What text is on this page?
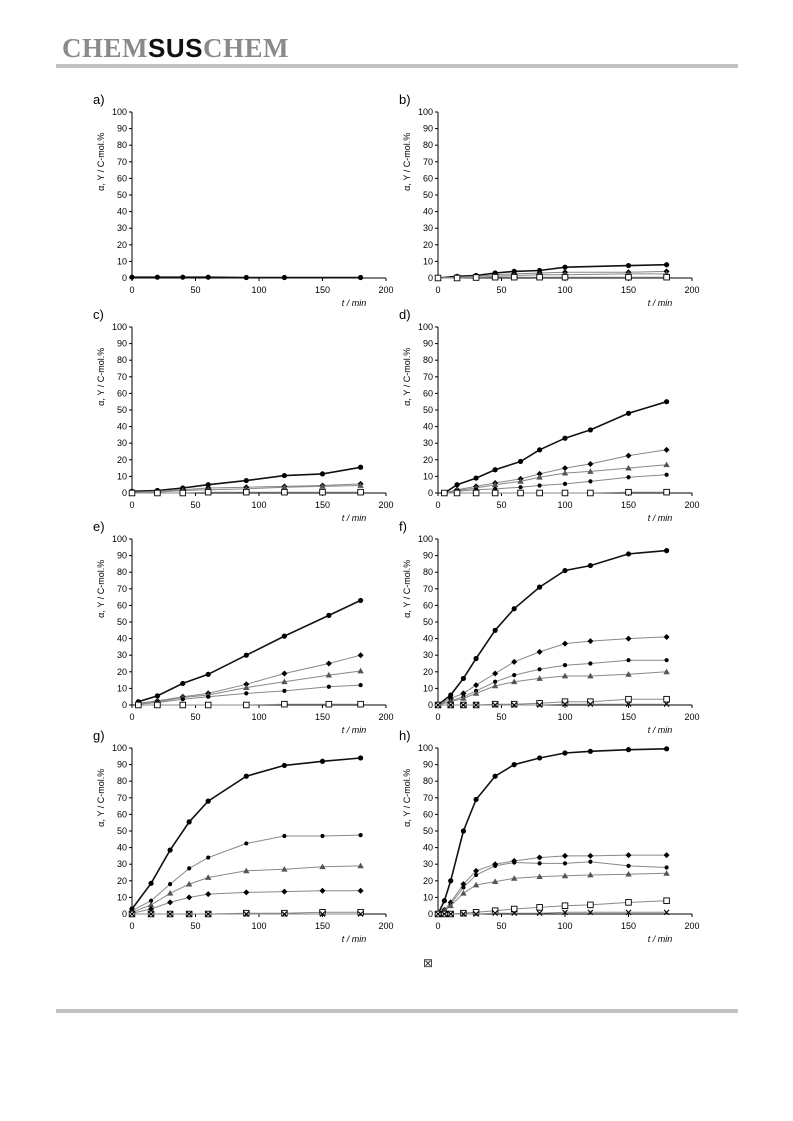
CHEMSUSCHEM
a)
0
10
20
30
40
50
60
70
80
90
100
0	50	100	150	200
α, Y / C-mol.%
t / min
b)
0
10
20
30
40
50
60
70
80
90
100
0	50	100	150	200
α, Y / C-mol.%
t / min
c)
0
10
20
30
40
50
60
70
80
90
100
0	50	100	150	200
α, Y / C-mol.%
t / min
d)
0
10
20
30
40
50
60
70
80
90
100
0	50	100	150	200
α, Y / C-mol.%
t / min
e)
0
10
20
30
40
50
60
70
80
90
100
0	50	100	150	200
α, Y / C-mol.%
t / min
f)
0
10
20
30
40
50
60
70
80
90
100
0	50	100	150	200
α, Y / C-mol.%
t / min
g)
0
10
20
30
40
50
60
70
80
90
100
0	50	100	150	200
α, Y / C-mol.%
t / min
h)
0
10
20
30
40
50
60
70
80
90
100
0	50	100	150	200
α, Y / C-mol.%
t / min
⊠
